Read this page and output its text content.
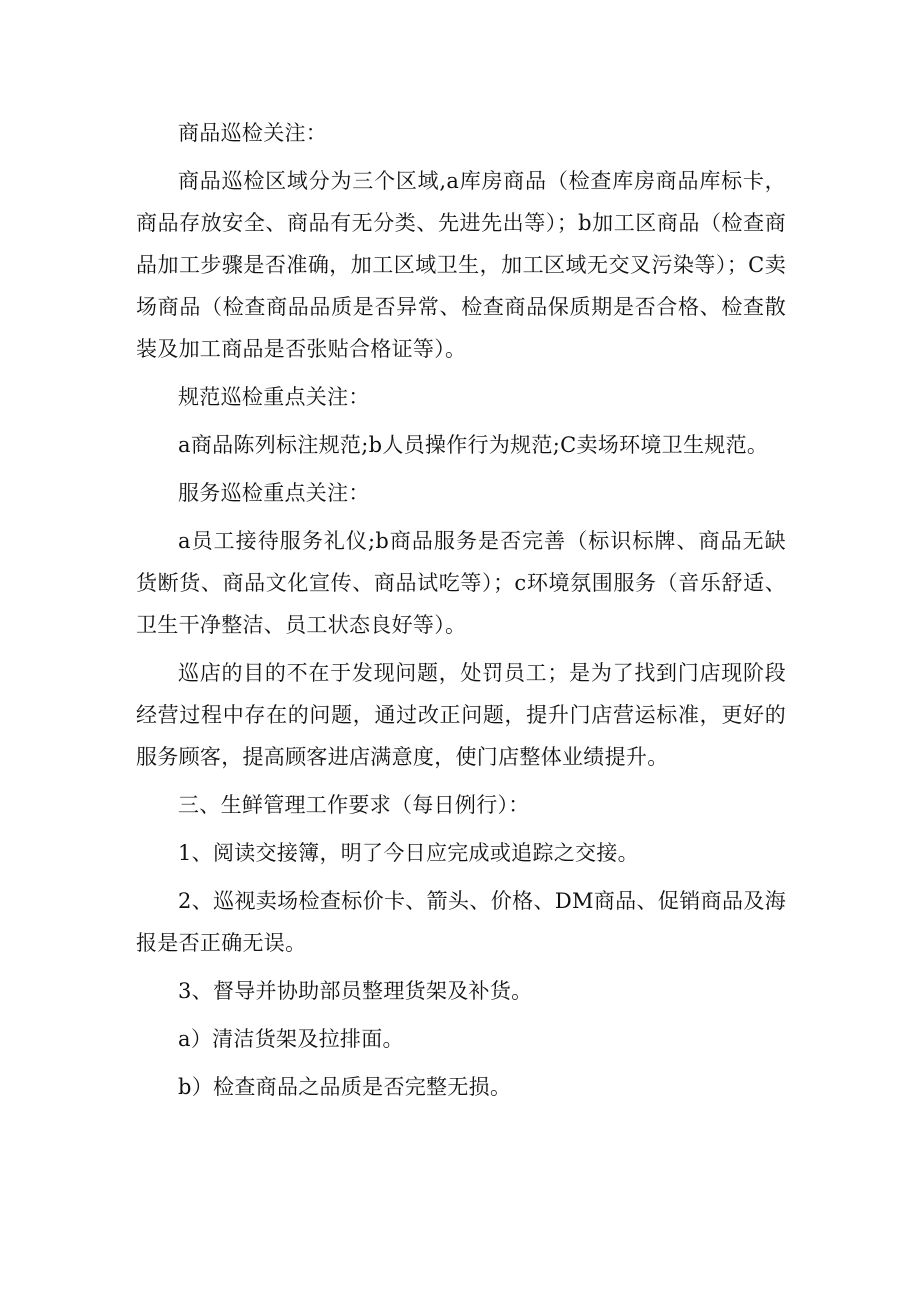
商品巡检关注：

商品巡检区域分为三个区域,a库房商品（检查库房商品库标卡，商品存放安全、商品有无分类、先进先出等）；b加工区商品（检查商品加工步骤是否准确，加工区域卫生，加工区域无交叉污染等）；C卖场商品（检查商品品质是否异常、检查商品保质期是否合格、检查散装及加工商品是否张贴合格证等）。

规范巡检重点关注：

a商品陈列标注规范;b人员操作行为规范;C卖场环境卫生规范。

服务巡检重点关注：

a员工接待服务礼仪;b商品服务是否完善（标识标牌、商品无缺货断货、商品文化宣传、商品试吃等）；c环境氛围服务（音乐舒适、卫生干净整洁、员工状态良好等）。

巡店的目的不在于发现问题，处罚员工；是为了找到门店现阶段经营过程中存在的问题，通过改正问题，提升门店营运标准，更好的服务顾客，提高顾客进店满意度，使门店整体业绩提升。

三、生鲜管理工作要求（每日例行）：

1、阅读交接簿，明了今日应完成或追踪之交接。

2、巡视卖场检查标价卡、箭头、价格、DM商品、促销商品及海报是否正确无误。

3、督导并协助部员整理货架及补货。

a）清洁货架及拉排面。

b）检查商品之品质是否完整无损。
